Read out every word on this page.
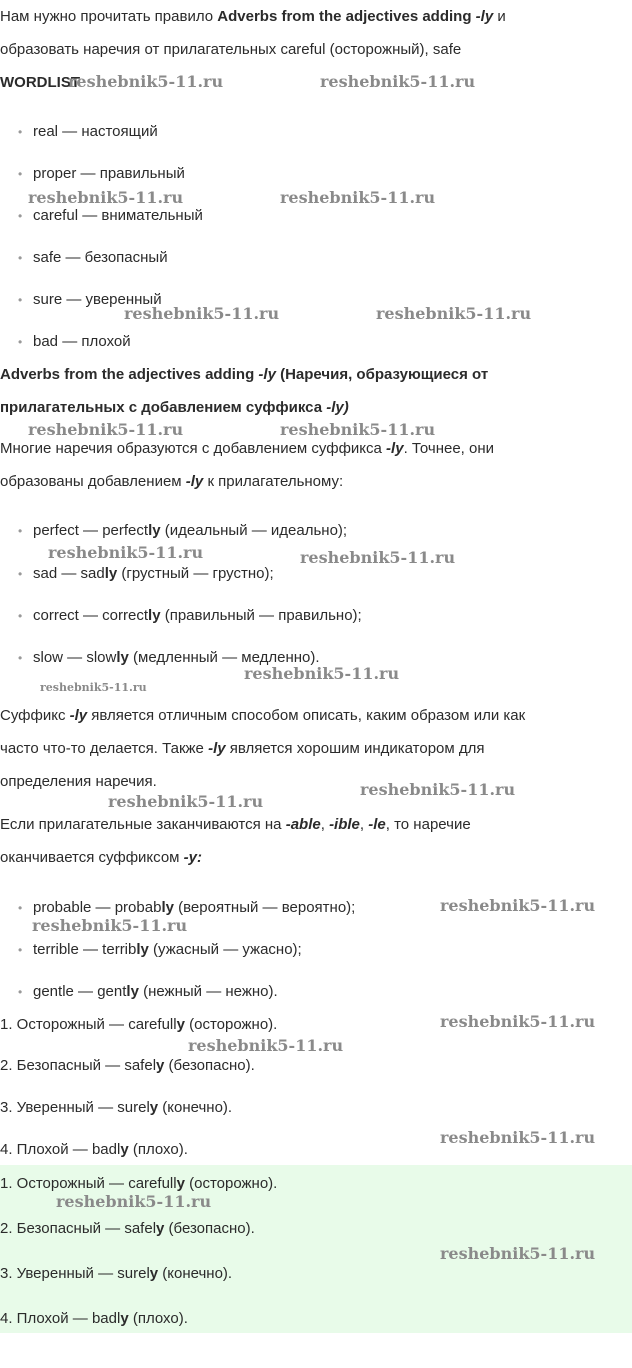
Нам нужно прочитать правило Adverbs from the adjectives adding -ly и
образовать наречия от прилагательных careful (осторожный), safe
WORDLIST
• real — настоящий
• proper — правильный
• careful — внимательный
• safe — безопасный
• sure — уверенный
• bad — плохой
Adverbs from the adjectives adding -ly (Наречия, образующиеся от
прилагательных с добавлением суффикса -ly)
Многие наречия образуются с добавлением суффикса -ly. Точнее, они
образованы добавлением -ly к прилагательному:
• perfect — perfectly (идеальный — идеально);
• sad — sadly (грустный — грустно);
• correct — correctly (правильный — правильно);
• slow — slowly (медленный — медленно).
Суффикс -ly является отличным способом описать, каким образом или как
часто что-то делается. Также -ly является хорошим индикатором для
определения наречия.
Если прилагательные заканчиваются на -able, -ible, -le, то наречие
оканчивается суффиксом -y:
• probable — probably (вероятный — вероятно);
• terrible — terribly (ужасный — ужасно);
• gentle — gently (нежный — нежно).
1. Осторожный — carefully (осторожно).
2. Безопасный — safely (безопасно).
3. Уверенный — surely (конечно).
4. Плохой — badly (плохо).
1. Осторожный — carefully (осторожно).
2. Безопасный — safely (безопасно).
3. Уверенный — surely (конечно).
4. Плохой — badly (плохо).
reshebnik5-11.ru	reshebnik5-11.ru
reshebnik5-11.ru	reshebnik5-11.ru
reshebnik5-11.ru	reshebnik5-11.ru
reshebnik5-11.ru	reshebnik5-11.ru
reshebnik5-11.ru	reshebnik5-11.ru
reshebnik5-11.ru
reshebnik5-11.ru
reshebnik5-11.ru
reshebnik5-11.ru
reshebnik5-11.ru
reshebnik5-11.ru
reshebnik5-11.ru
reshebnik5-11.ru
reshebnik5-11.ru
reshebnik5-11.ru
reshebnik5-11.ru
